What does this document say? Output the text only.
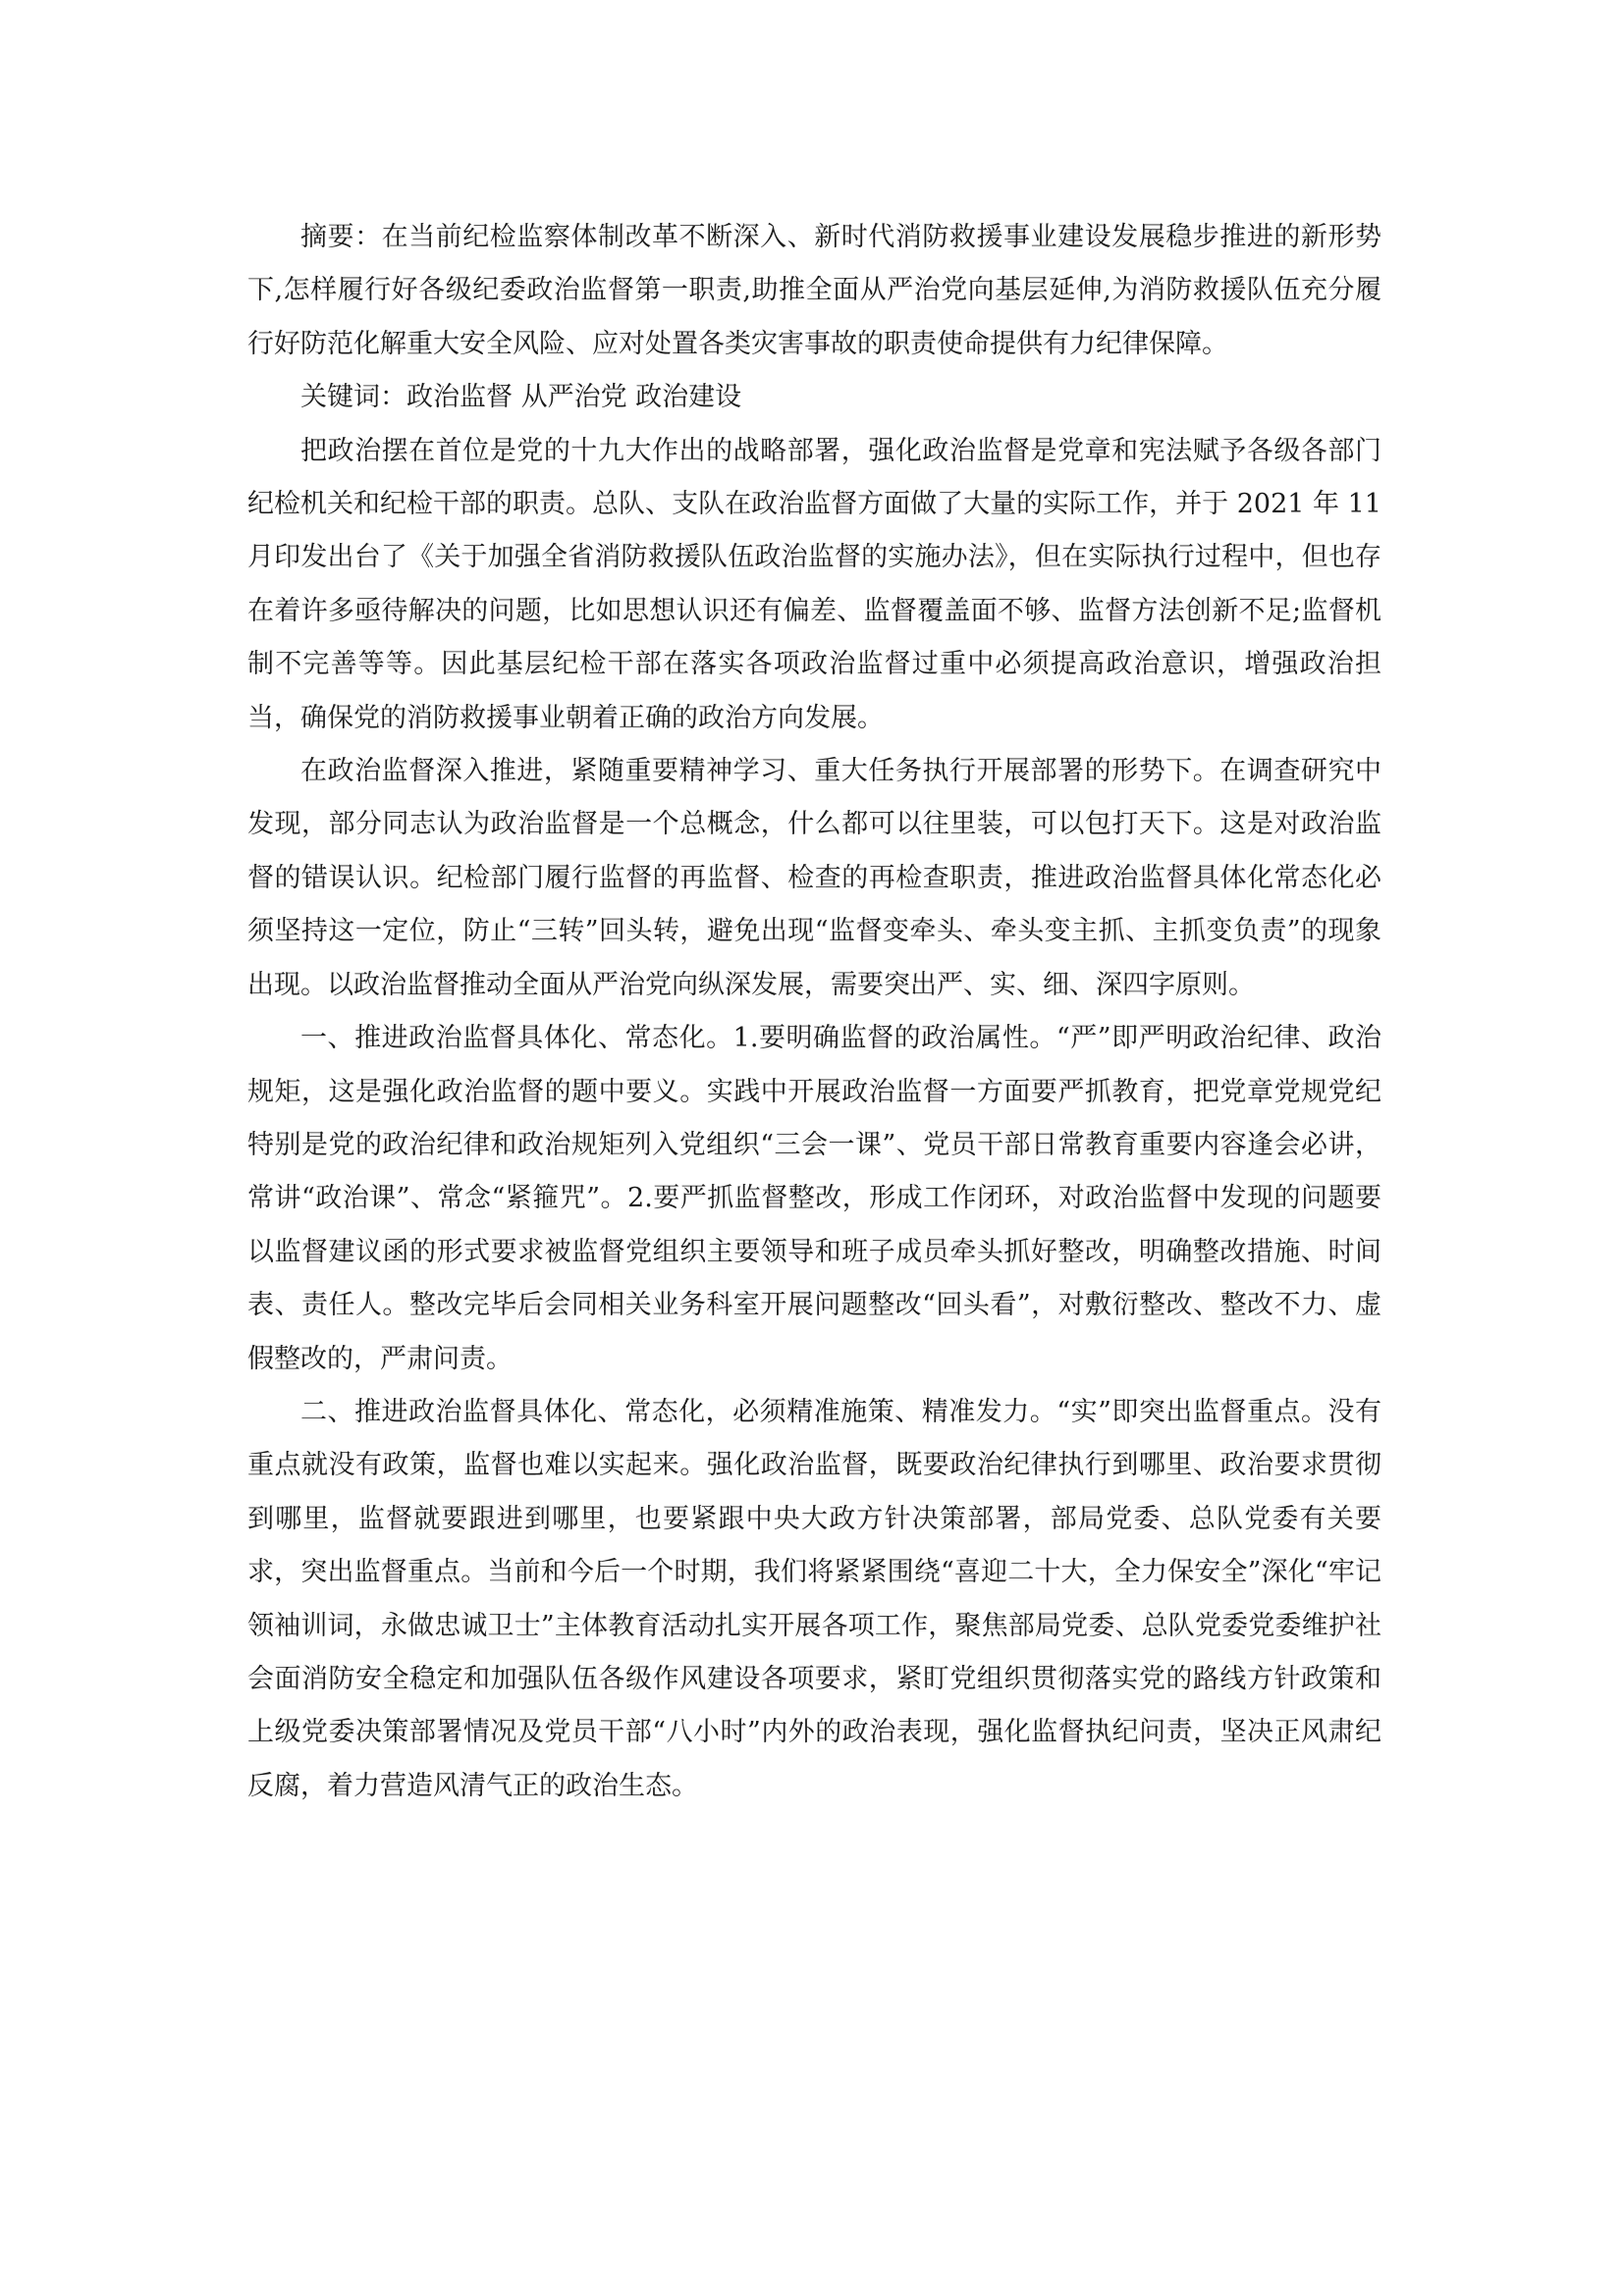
摘要：在当前纪检监察体制改革不断深入、新时代消防救援事业建设发展稳步推进的新形势下,怎样履行好各级纪委政治监督第一职责,助推全面从严治党向基层延伸,为消防救援队伍充分履行好防范化解重大安全风险、应对处置各类灾害事故的职责使命提供有力纪律保障。

关键词：政治监督 从严治党 政治建设

把政治摆在首位是党的十九大作出的战略部署，强化政治监督是党章和宪法赋予各级各部门纪检机关和纪检干部的职责。总队、支队在政治监督方面做了大量的实际工作，并于 2021 年 11 月印发出台了《关于加强全省消防救援队伍政治监督的实施办法》，但在实际执行过程中，但也存在着许多亟待解决的问题，比如思想认识还有偏差、监督覆盖面不够、监督方法创新不足;监督机制不完善等等。因此基层纪检干部在落实各项政治监督过重中必须提高政治意识，增强政治担当，确保党的消防救援事业朝着正确的政治方向发展。

在政治监督深入推进，紧随重要精神学习、重大任务执行开展部署的形势下。在调查研究中发现，部分同志认为政治监督是一个总概念，什么都可以往里装，可以包打天下。这是对政治监督的错误认识。纪检部门履行监督的再监督、检查的再检查职责，推进政治监督具体化常态化必须坚持这一定位，防止“三转”回头转，避免出现“监督变牵头、牵头变主抓、主抓变负责”的现象出现。以政治监督推动全面从严治党向纵深发展，需要突出严、实、细、深四字原则。

一、推进政治监督具体化、常态化。1.要明确监督的政治属性。“严”即严明政治纪律、政治规矩，这是强化政治监督的题中要义。实践中开展政治监督一方面要严抓教育，把党章党规党纪特别是党的政治纪律和政治规矩列入党组织“三会一课”、党员干部日常教育重要内容逢会必讲，常讲“政治课”、常念“紧箍咒”。2.要严抓监督整改，形成工作闭环，对政治监督中发现的问题要以监督建议函的形式要求被监督党组织主要领导和班子成员牵头抓好整改，明确整改措施、时间表、责任人。整改完毕后会同相关业务科室开展问题整改“回头看”，对敷衍整改、整改不力、虚假整改的，严肃问责。

二、推进政治监督具体化、常态化，必须精准施策、精准发力。“实”即突出监督重点。没有重点就没有政策，监督也难以实起来。强化政治监督，既要政治纪律执行到哪里、政治要求贯彻到哪里，监督就要跟进到哪里，也要紧跟中央大政方针决策部署，部局党委、总队党委有关要求，突出监督重点。当前和今后一个时期，我们将紧紧围绕“喜迎二十大，全力保安全”深化“牢记领袖训词，永做忠诚卫士”主体教育活动扎实开展各项工作，聚焦部局党委、总队党委党委维护社会面消防安全稳定和加强队伍各级作风建设各项要求，紧盯党组织贯彻落实党的路线方针政策和上级党委决策部署情况及党员干部“八小时”内外的政治表现，强化监督执纪问责，坚决正风肃纪反腐，着力营造风清气正的政治生态。
